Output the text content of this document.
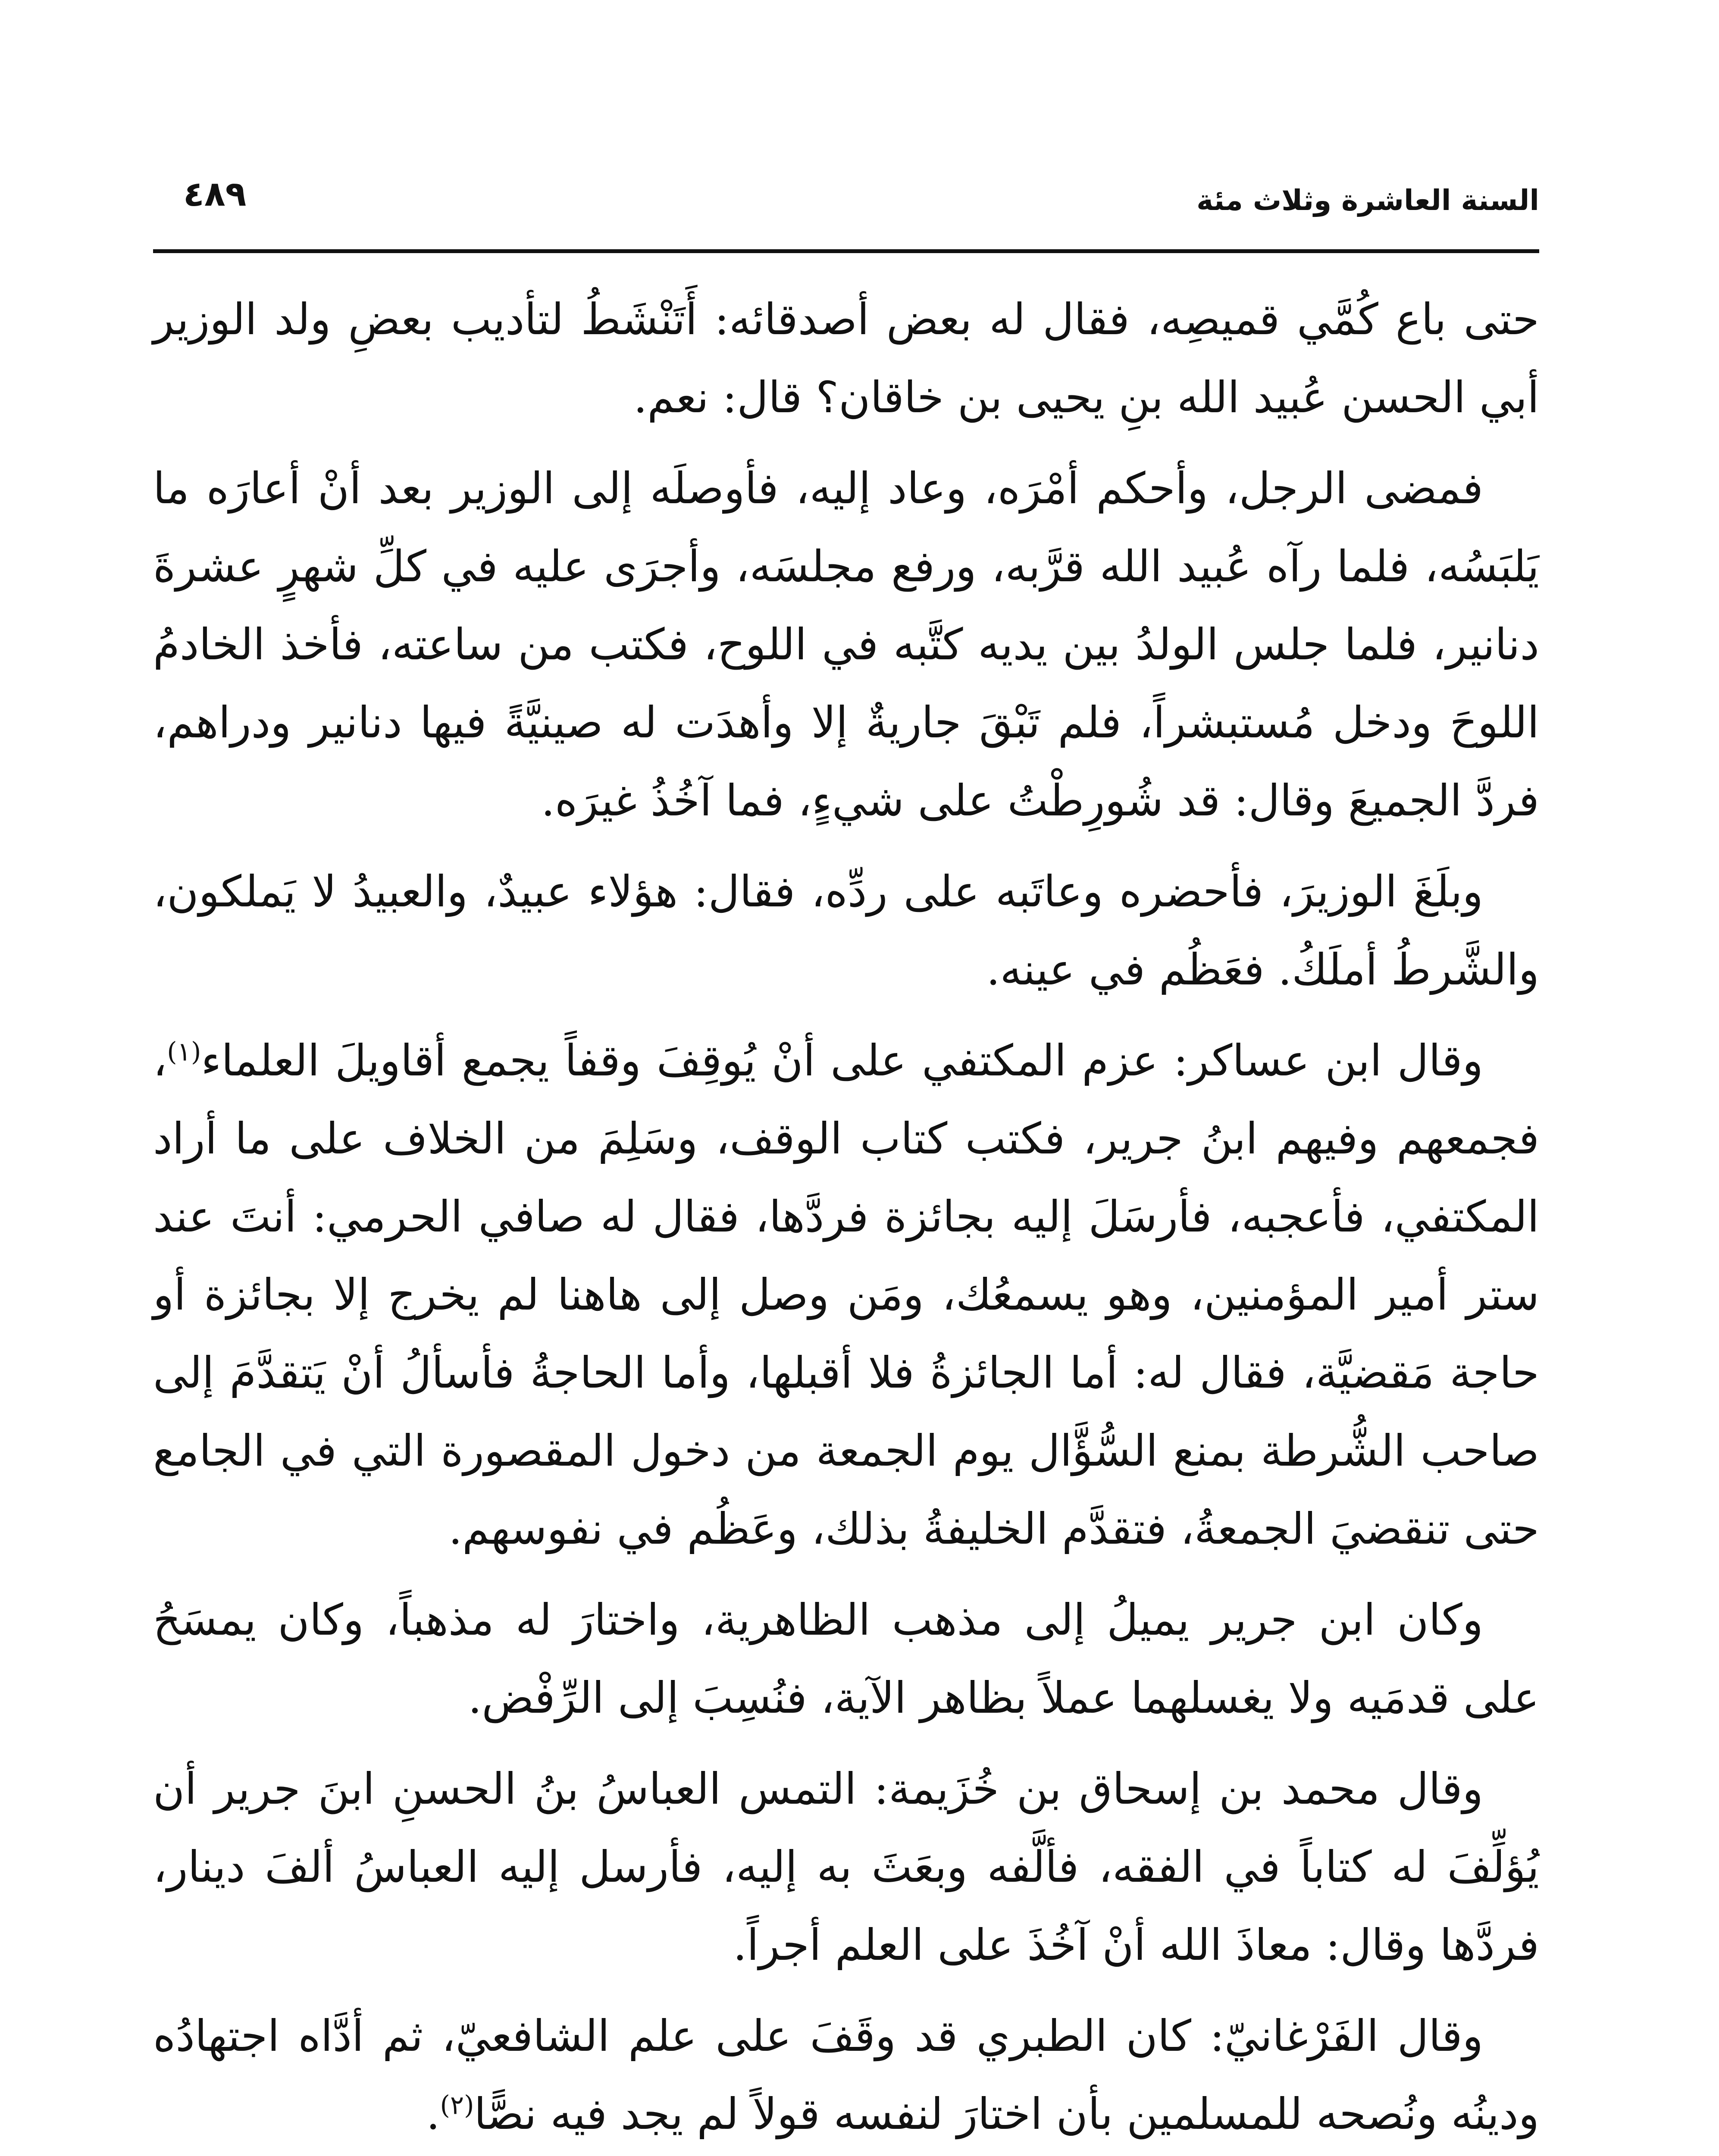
السنة العاشرة وثلاث مئة
٤٨٩

حتى باع كُمَّي قميصِه، فقال له بعض أصدقائه: أَتَنْشَطُ لتأديب بعضِ ولد الوزير أبي الحسن عُبيد الله بنِ يحيى بن خاقان؟ قال: نعم.

فمضى الرجل، وأحكم أمْرَه، وعاد إليه، فأوصلَه إلى الوزير بعد أنْ أعارَه ما يَلبَسُه، فلما رآه عُبيد الله قرَّبه، ورفع مجلسَه، وأجرَى عليه في كلِّ شهرٍ عشرةَ دنانير، فلما جلس الولدُ بين يديه كتَّبه في اللوح، فكتب من ساعته، فأخذ الخادمُ اللوحَ ودخل مُستبشراً، فلم تَبْقَ جاريةٌ إلا وأهدَت له صينيَّةً فيها دنانير ودراهم، فردَّ الجميعَ وقال: قد شُورِطْتُ على شيءٍ، فما آخُذُ غيرَه.

وبلَغَ الوزيرَ، فأحضره وعاتَبه على ردِّه، فقال: هؤلاء عبيدٌ، والعبيدُ لا يَملكون، والشَّرطُ أملَكُ. فعَظُم في عينه.

وقال ابن عساكر: عزم المكتفي على أنْ يُوقِفَ وقفاً يجمع أقاويلَ العلماء$^{(١)}$، فجمعهم وفيهم ابنُ جرير، فكتب كتاب الوقف، وسَلِمَ من الخلاف على ما أراد المكتفي، فأعجبه، فأرسَلَ إليه بجائزة فردَّها، فقال له صافي الحرمي: أنتَ عند ستر أمير المؤمنين، وهو يسمعُك، ومَن وصل إلى هاهنا لم يخرج إلا بجائزة أو حاجة مَقضيَّة، فقال له: أما الجائزةُ فلا أقبلها، وأما الحاجةُ فأسألُ أنْ يَتقدَّمَ إلى صاحب الشُّرطة بمنع السُّؤَّال يوم الجمعة من دخول المقصورة التي في الجامع حتى تنقضيَ الجمعةُ، فتقدَّم الخليفةُ بذلك، وعَظُم في نفوسهم.

وكان ابن جرير يميلُ إلى مذهب الظاهرية، واختارَ له مذهباً، وكان يمسَحُ على قدمَيه ولا يغسلهما عملاً بظاهر الآية، فنُسِبَ إلى الرِّفْض.

وقال محمد بن إسحاق بن خُزَيمة: التمس العباسُ بنُ الحسنِ ابنَ جرير أن يُؤلِّفَ له كتاباً في الفقه، فألَّفه وبعَثَ به إليه، فأرسل إليه العباسُ ألفَ دينار، فردَّها وقال: معاذَ الله أنْ آخُذَ على العلم أجراً.

وقال الفَرْغانيّ: كان الطبري قد وقَفَ على علم الشافعيّ، ثم أدَّاه اجتهادُه ودينُه ونُصحه للمسلمين بأن اختارَ لنفسه قولاً لم يجد فيه نصًّا$^{(٢)}$.
